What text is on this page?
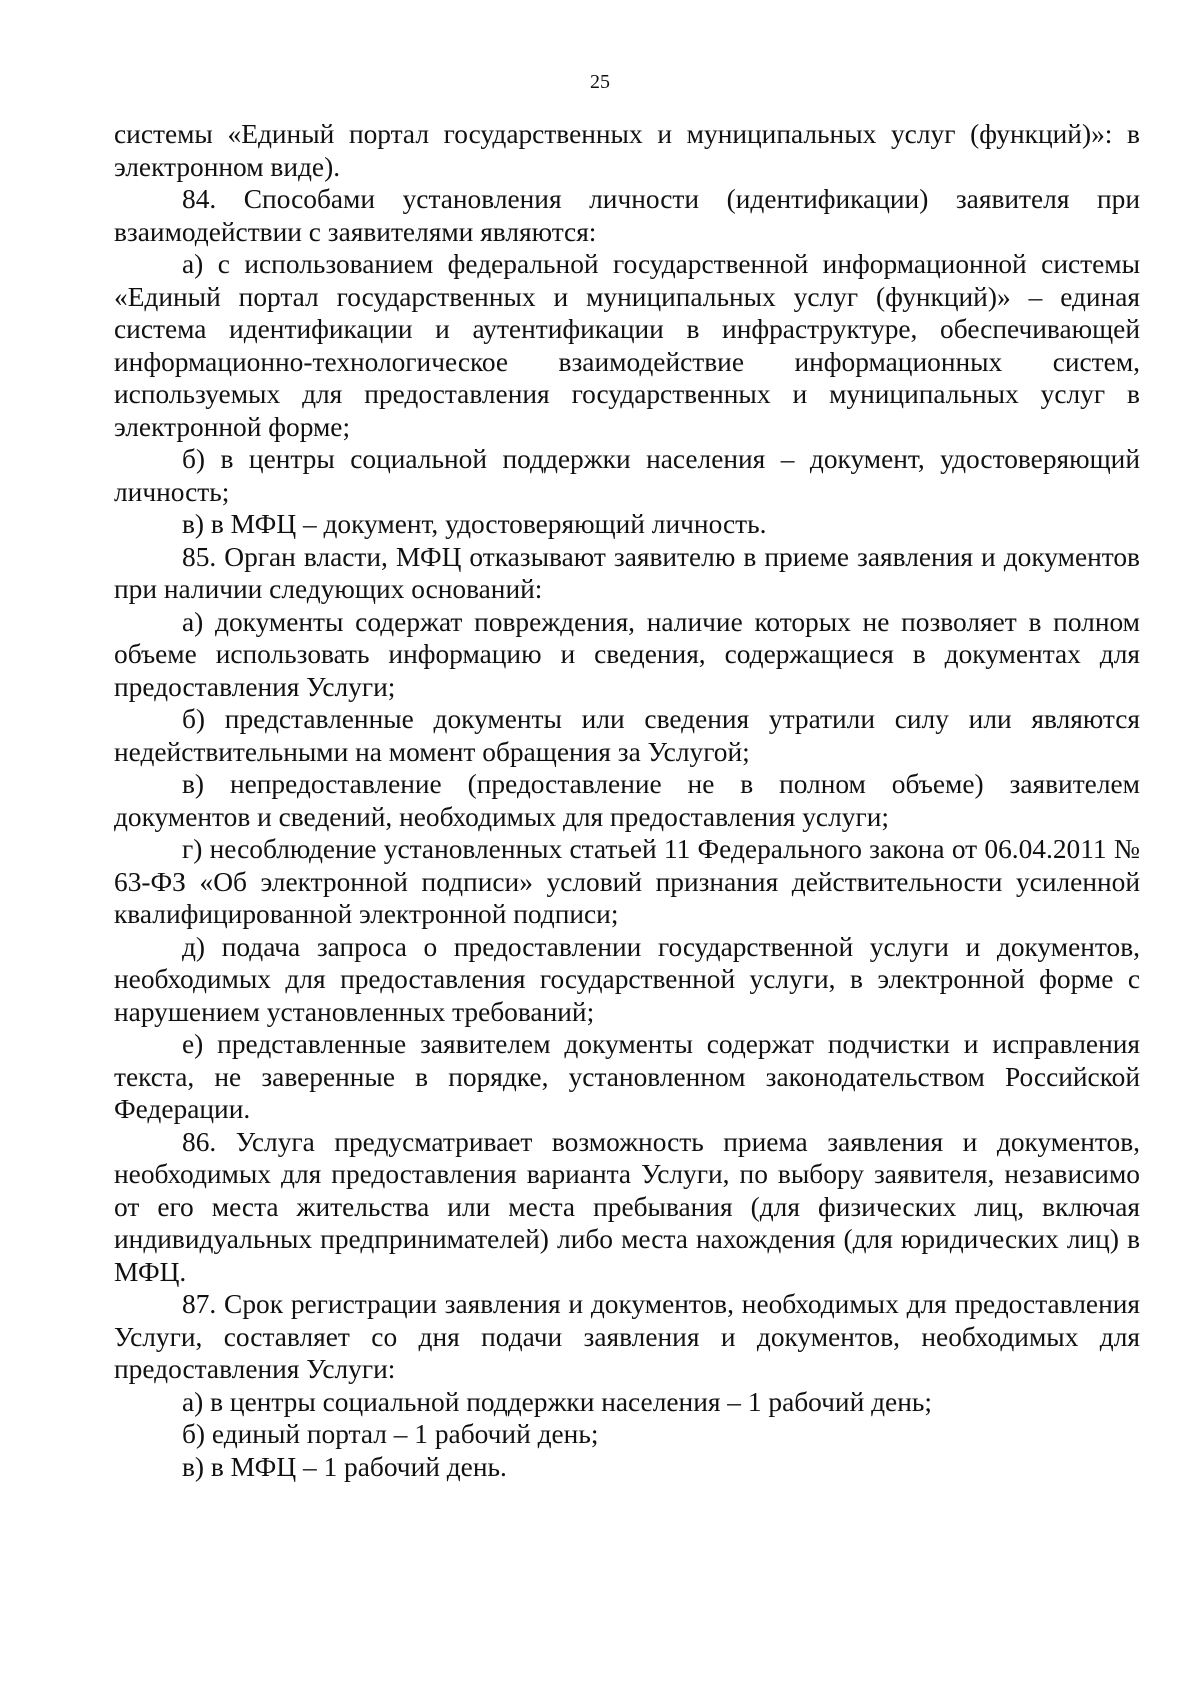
25

системы «Единый портал государственных и муниципальных услуг (функций)»: в электронном виде).

84. Способами установления личности (идентификации) заявителя при взаимодействии с заявителями являются:

а) с использованием федеральной государственной информационной системы «Единый портал государственных и муниципальных услуг (функций)» – единая система идентификации и аутентификации в инфраструктуре, обеспечивающей информационно-технологическое взаимодействие информационных систем, используемых для предоставления государственных и муниципальных услуг в электронной форме;

б) в центры социальной поддержки населения – документ, удостоверяющий личность;

в) в МФЦ – документ, удостоверяющий личность.

85. Орган власти, МФЦ отказывают заявителю в приеме заявления и документов при наличии следующих оснований:

а) документы содержат повреждения, наличие которых не позволяет в полном объеме использовать информацию и сведения, содержащиеся в документах для предоставления Услуги;

б) представленные документы или сведения утратили силу или являются недействительными на момент обращения за Услугой;

в) непредоставление (предоставление не в полном объеме) заявителем документов и сведений, необходимых для предоставления услуги;

г) несоблюдение установленных статьей 11 Федерального закона от 06.04.2011 № 63-ФЗ «Об электронной подписи» условий признания действительности усиленной квалифицированной электронной подписи;

д) подача запроса о предоставлении государственной услуги и документов, необходимых для предоставления государственной услуги, в электронной форме с нарушением установленных требований;

е) представленные заявителем документы содержат подчистки и исправления текста, не заверенные в порядке, установленном законодательством Российской Федерации.

86. Услуга предусматривает возможность приема заявления и документов, необходимых для предоставления варианта Услуги, по выбору заявителя, независимо от его места жительства или места пребывания (для физических лиц, включая индивидуальных предпринимателей) либо места нахождения (для юридических лиц) в МФЦ.

87. Срок регистрации заявления и документов, необходимых для предоставления Услуги, составляет со дня подачи заявления и документов, необходимых для предоставления Услуги:

а) в центры социальной поддержки населения – 1 рабочий день;

б) единый портал – 1 рабочий день;

в) в МФЦ – 1 рабочий день.
